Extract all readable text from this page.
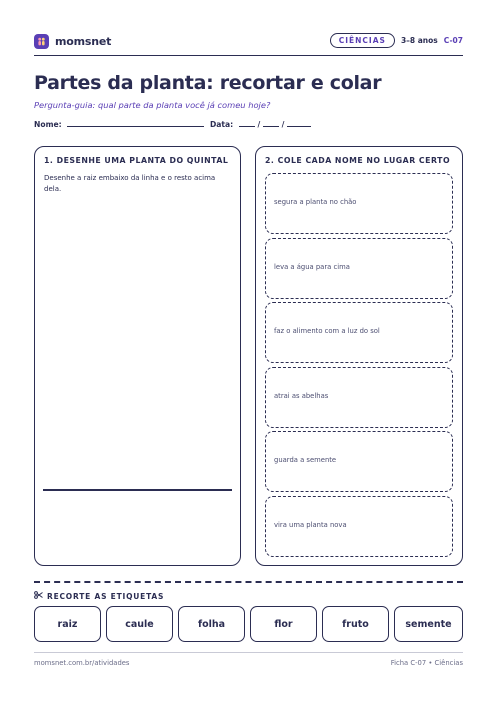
momsnet	CIÊNCIAS	3–8 anos C-07
Partes da planta: recortar e colar
Pergunta-guia: qual parte da planta você já comeu hoje?
Nome:	Data:	/	/
1. DESENHE UMA PLANTA DO QUINTAL
Desenhe a raiz embaixo da linha e o resto acima dela.
2. COLE CADA NOME NO LUGAR CERTO
segura a planta no chão
leva a água para cima
faz o alimento com a luz do sol
atrai as abelhas
guarda a semente
vira uma planta nova
RECORTE AS ETIQUETAS
raiz	caule	folha	flor	fruto	semente
momsnet.com.br/atividades	Ficha C-07 • Ciências
